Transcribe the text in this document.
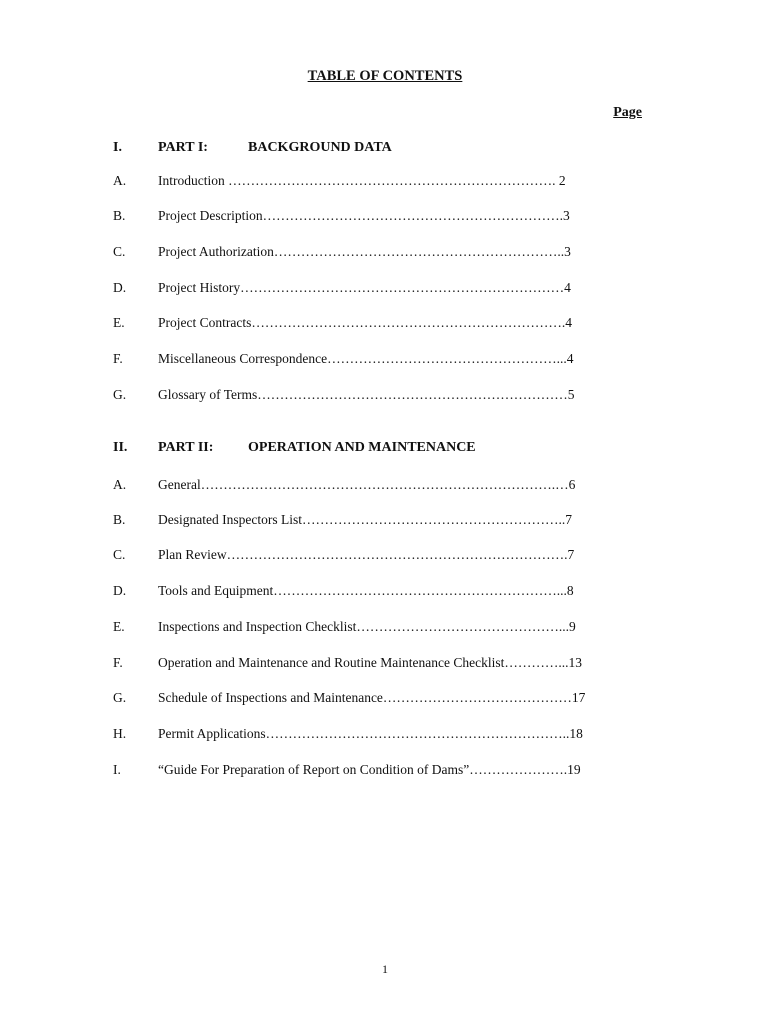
TABLE OF CONTENTS
Page
I.	PART I:	BACKGROUND DATA
A. Introduction ………………………………………………………………. 2
B. Project Description………………………………………………………….3
C. Project Authorization………………………………………………………..3
D. Project History………………………………………………………………4
E. Project Contracts…………………………………………………………….4
F.	Miscellaneous Correspondence……………………………………………...4
G. Glossary of Terms……………………………………………………………5
II. PART II: OPERATION AND MAINTENANCE
A. General…………………………………………………………………….…6
B. Designated Inspectors List…………………………………………………..7
C. Plan Review………………………………………………………………….7
D. Tools and Equipment………………………………………………………...8
E. Inspections and Inspection Checklist………………………………………...9
F.	Operation and Maintenance and Routine Maintenance Checklist…………...13
G. Schedule of Inspections and Maintenance……………………………………17
H. Permit Applications…………………………………………………………..18
I.	“Guide For Preparation of Report on Condition of Dams”………………….19
1
